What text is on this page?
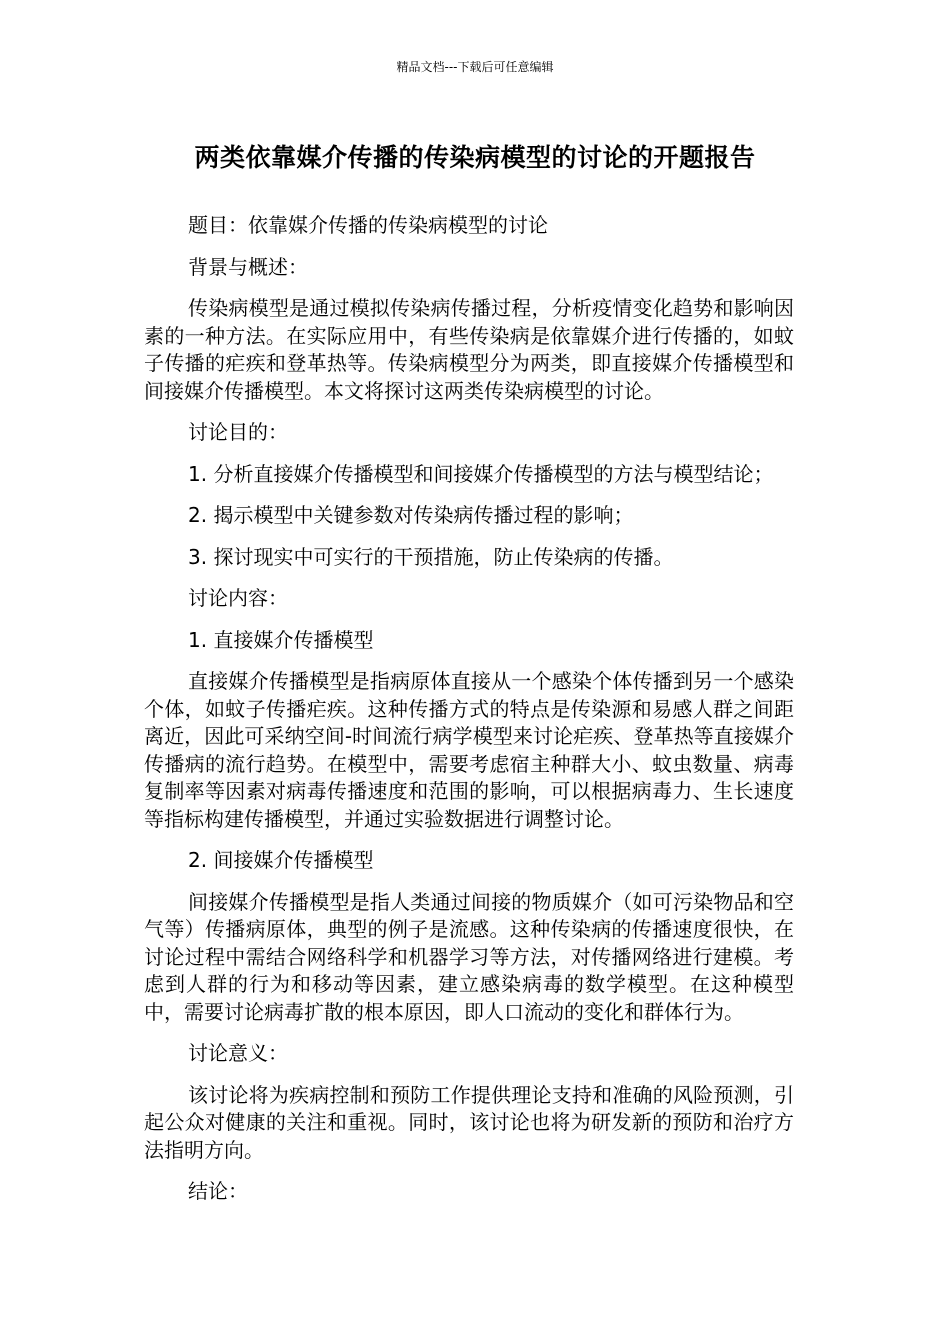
精品文档---下载后可任意编辑
两类依靠媒介传播的传染病模型的讨论的开题报告

题目：依靠媒介传播的传染病模型的讨论

背景与概述：

传染病模型是通过模拟传染病传播过程，分析疫情变化趋势和影响因素的一种方法。在实际应用中，有些传染病是依靠媒介进行传播的，如蚊子传播的疟疾和登革热等。传染病模型分为两类，即直接媒介传播模型和间接媒介传播模型。本文将探讨这两类传染病模型的讨论。

讨论目的：

1. 分析直接媒介传播模型和间接媒介传播模型的方法与模型结论；

2. 揭示模型中关键参数对传染病传播过程的影响；

3. 探讨现实中可实行的干预措施，防止传染病的传播。

讨论内容：

1. 直接媒介传播模型

直接媒介传播模型是指病原体直接从一个感染个体传播到另一个感染个体，如蚊子传播疟疾。这种传播方式的特点是传染源和易感人群之间距离近，因此可采纳空间-时间流行病学模型来讨论疟疾、登革热等直接媒介传播病的流行趋势。在模型中，需要考虑宿主种群大小、蚊虫数量、病毒复制率等因素对病毒传播速度和范围的影响，可以根据病毒力、生长速度等指标构建传播模型，并通过实验数据进行调整讨论。

2. 间接媒介传播模型

间接媒介传播模型是指人类通过间接的物质媒介（如可污染物品和空气等）传播病原体，典型的例子是流感。这种传染病的传播速度很快，在讨论过程中需结合网络科学和机器学习等方法，对传播网络进行建模。考虑到人群的行为和移动等因素，建立感染病毒的数学模型。在这种模型中，需要讨论病毒扩散的根本原因，即人口流动的变化和群体行为。

讨论意义：

该讨论将为疾病控制和预防工作提供理论支持和准确的风险预测，引起公众对健康的关注和重视。同时，该讨论也将为研发新的预防和治疗方法指明方向。

结论：
